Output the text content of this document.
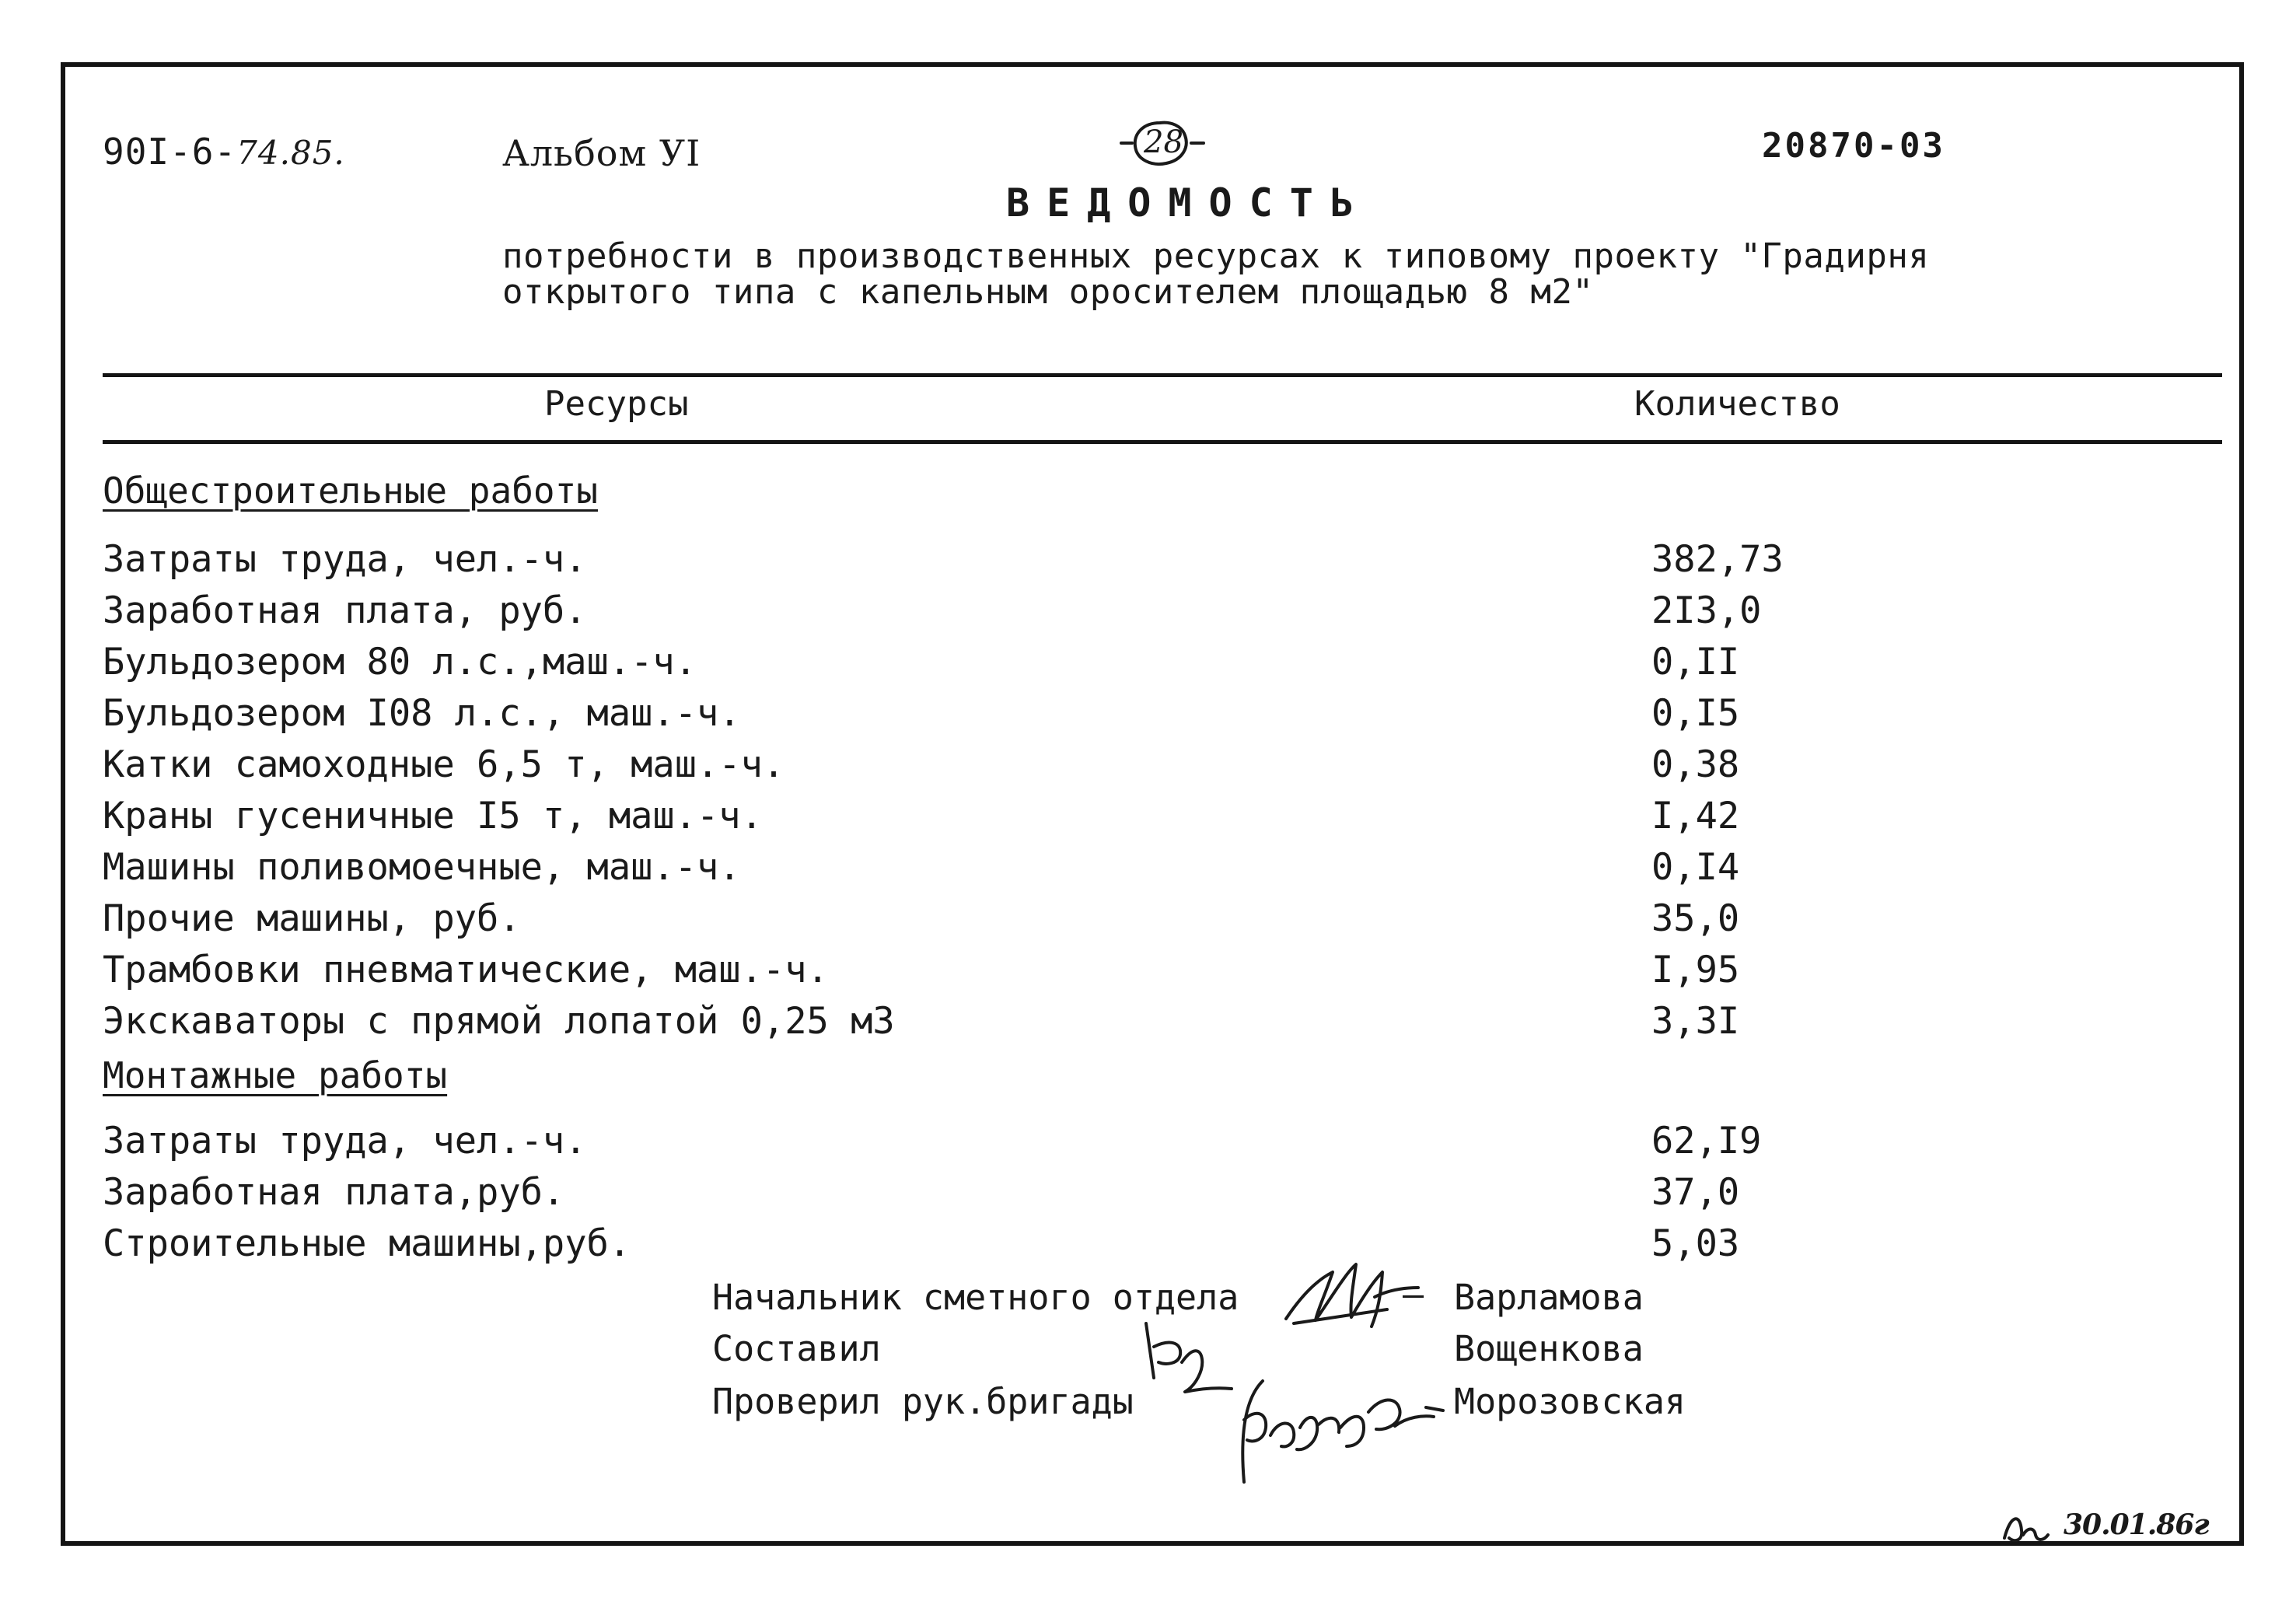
90I-6-74.85.	Альбом УI	28	20870-03
ВЕДОМОСТЬ
потребности в производственных ресурсах к типовому проекту "Градирня
открытого типа с капельным оросителем площадью 8 м2"
Ресурсы	Количество
Общестроительные работы
Затраты труда, чел.-ч.	382,73
Заработная плата, руб.	2I3,0
Бульдозером 80 л.с.,маш.-ч.	0,II
Бульдозером I08 л.с., маш.-ч.	0,I5
Катки самоходные 6,5 т, маш.-ч.	0,38
Краны гусеничные I5 т, маш.-ч.	I,42
Машины поливомоечные, маш.-ч.	0,I4
Прочие машины, руб.	35,0
Трамбовки пневматические, маш.-ч.	I,95
Экскаваторы с прямой лопатой 0,25 м3	3,3I
Монтажные работы
Затраты труда, чел.-ч.	62,I9
Заработная плата,руб.	37,0
Строительные машины,руб.	5,03
Начальник сметного отдела	– Варламова
Составил	Вощенкова
Проверил рук.бригады	Морозовская
30.01.86г
